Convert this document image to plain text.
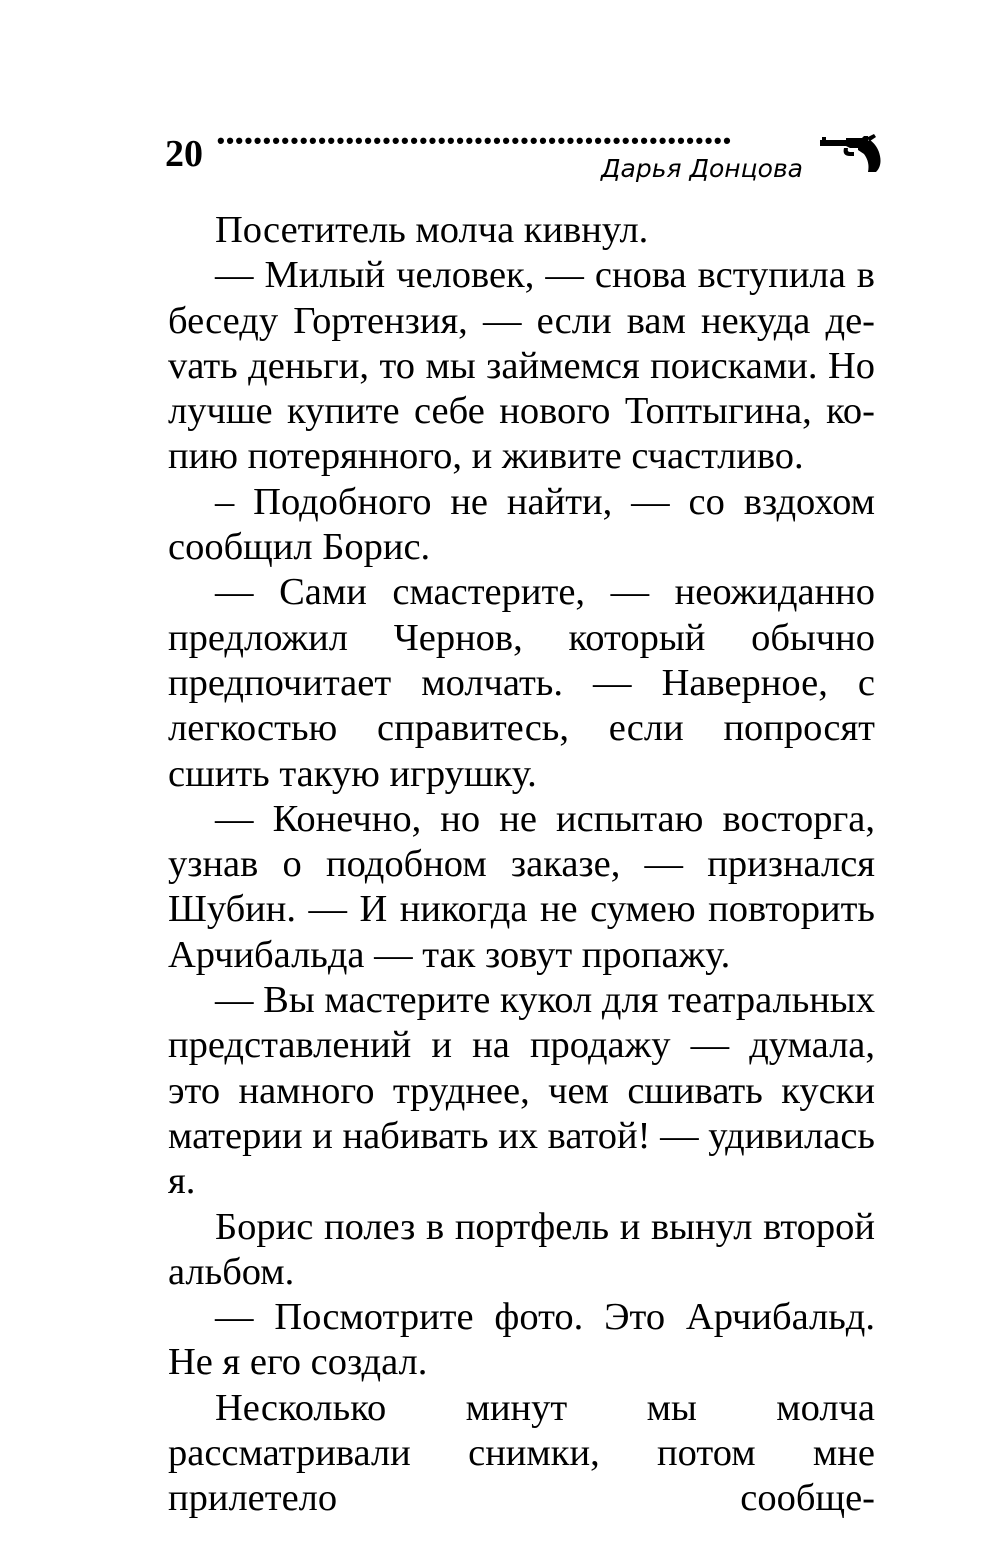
20 ••••••••••••••••••••••••••••••••••••••••••••••••••••••••
Дарья Донцова

Посетитель молча кивнул.

— Милый человек, — снова вступила в беседу Гортензия, — если вам некуда деvать деньги, то мы займемся поисками. Но лучше купите себе нового Топтыгина, копию потерянного, и живите счастливо.

– Подобного не найти, — со вздохом сообщил Борис.

— Сами смастерите, — неожиданно предложил Чернов, который обычно предпочитает молчать. — Наверное, с легкостью справитесь, если попросят сшить такую игрушку.

— Конечно, но не испытаю восторга, узнав о подобном заказе, — признался Шубин. — И никогда не сумею повторить Арчибальда — так зовут пропажу.

— Вы мастерите кукол для театральных представлений и на продажу — думала, это намного труднее, чем сшивать куски материи и набивать их ватой! — удивилась я.

Борис полез в портфель и вынул второй альбом.

— Посмотрите фото. Это Арчибальд. Не я его создал.

Несколько минут мы молча рассматривали снимки, потом мне прилетело сообще-
